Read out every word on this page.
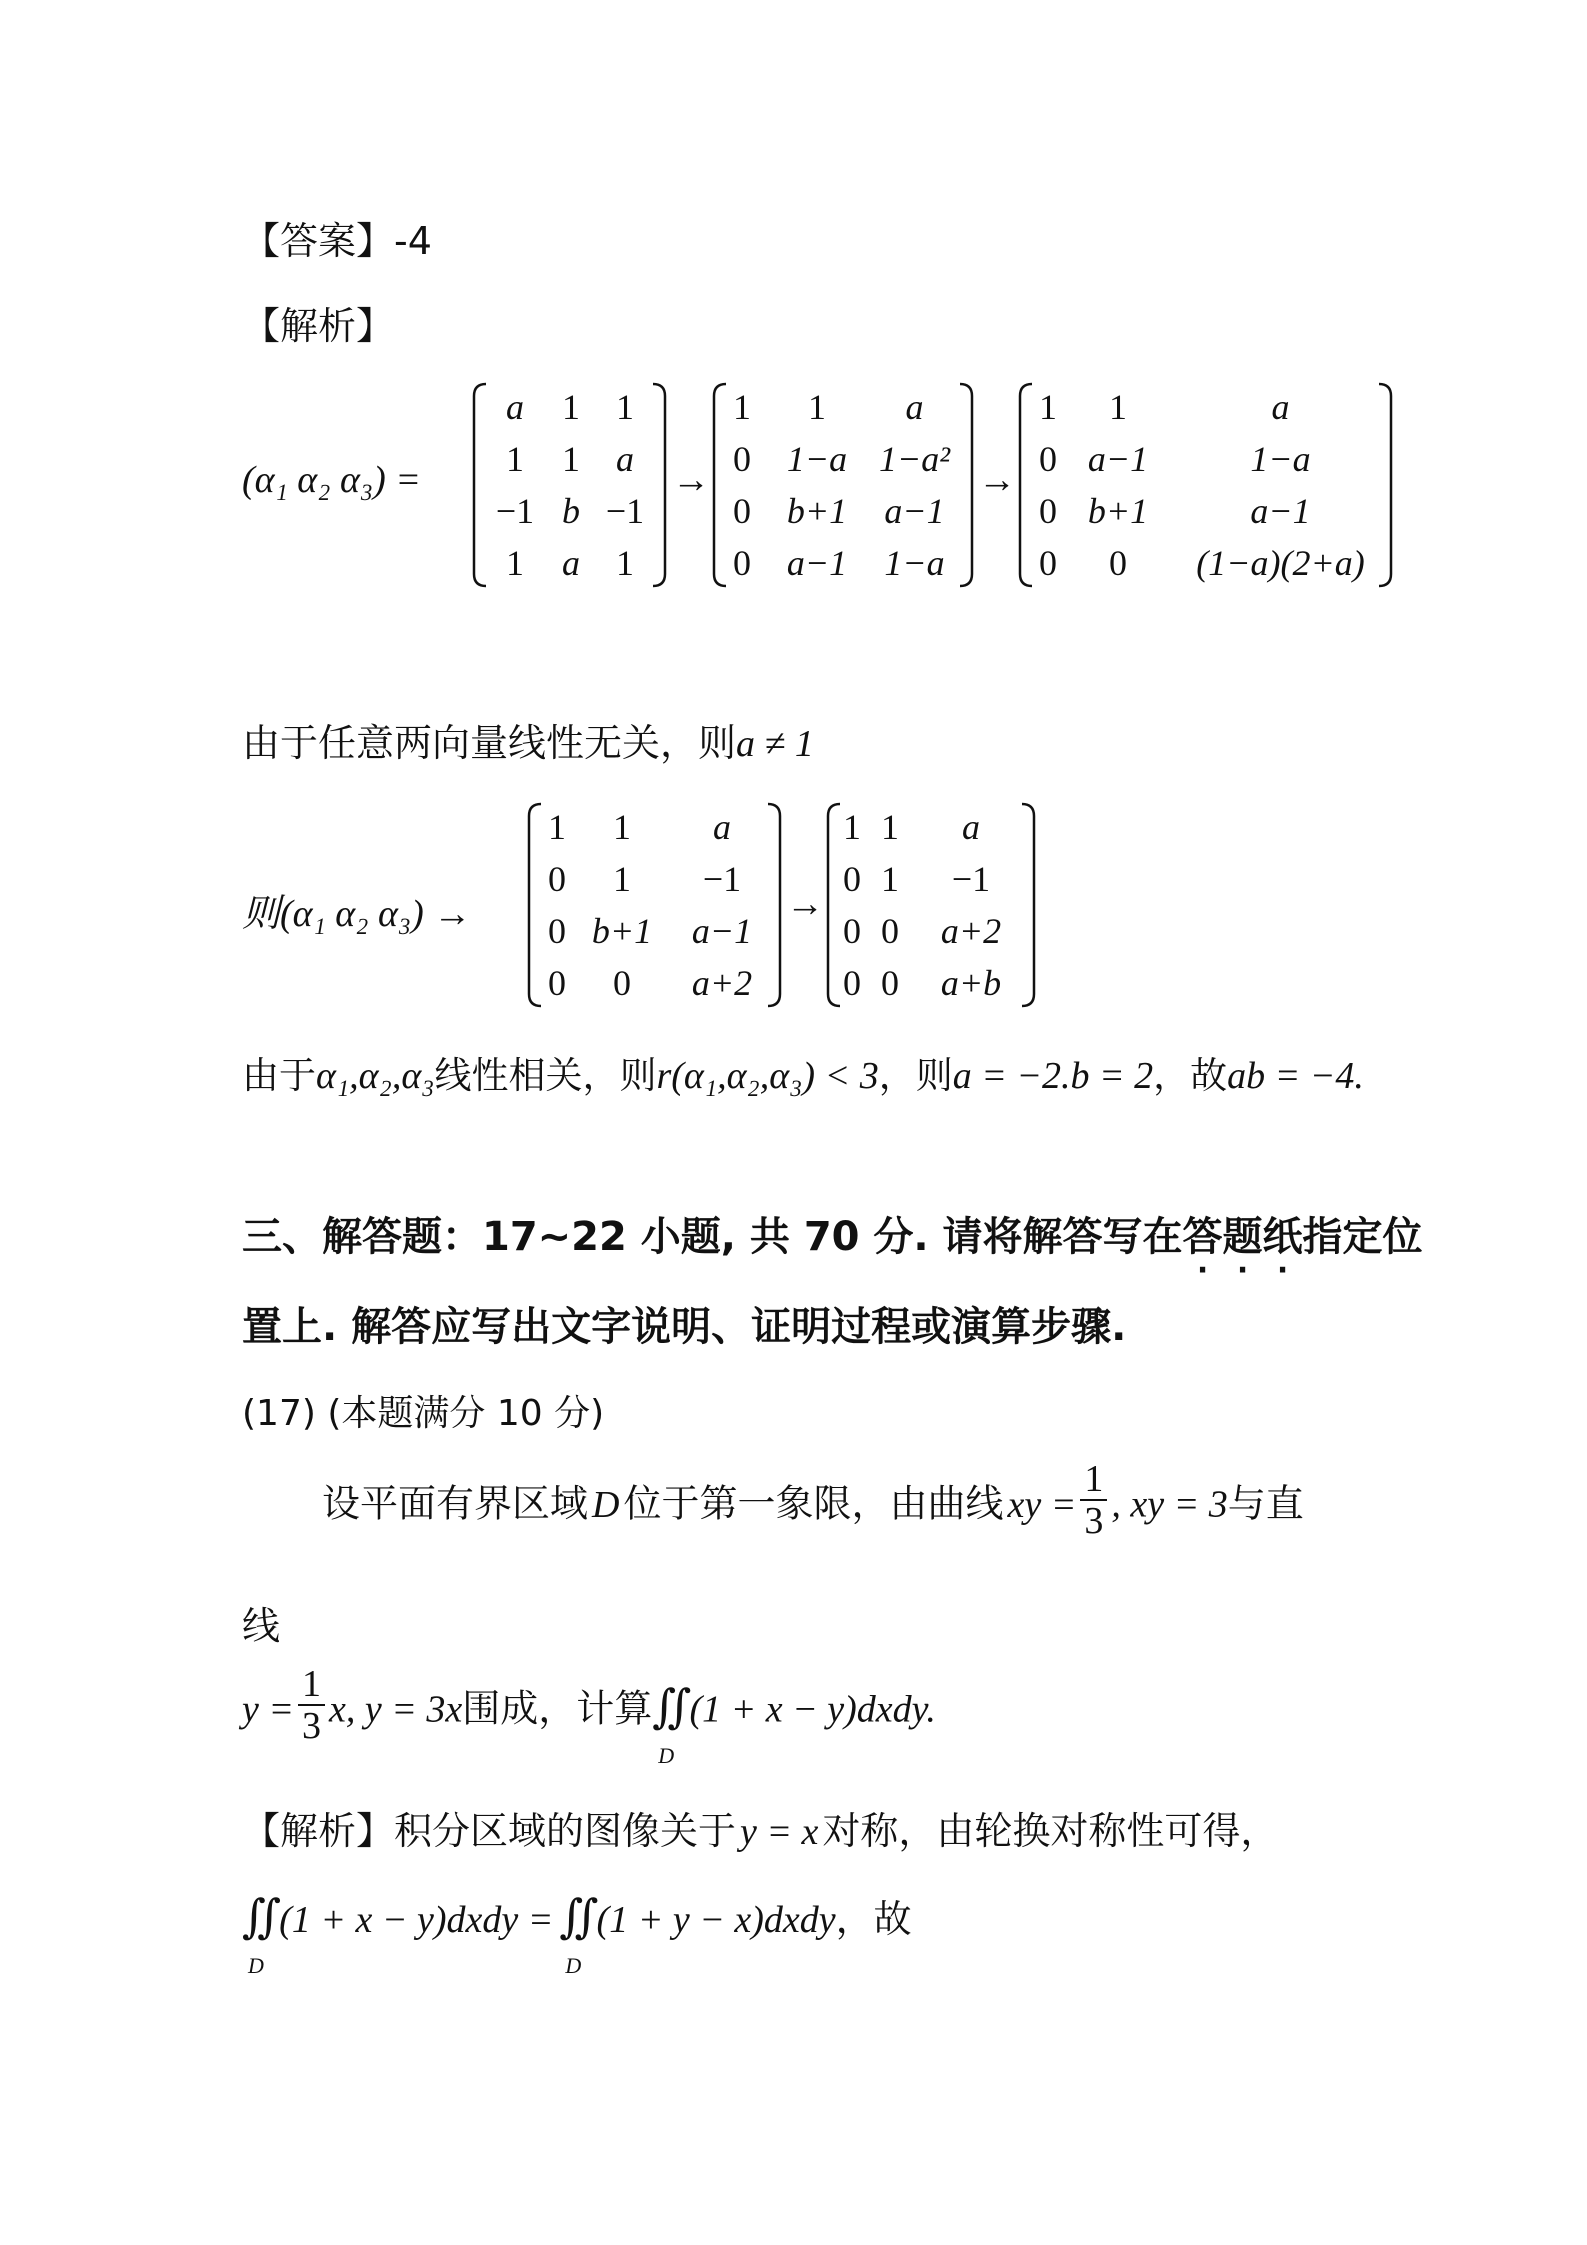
【答案】-4
【解析】
(α₁ α₂ α₃) =
a	1	1
1	1	a
−1 b −1
1	a	1
→
1	1	a
0 1−a 1−a²
0 b+1	a−1
0 a−1	1−a
→
1	1	a
0 a−1	1−a
0 b+1	a−1
0	0	(1−a)(2+a)
由于任意两向量线性无关，则a ≠ 1
则(α₁ α₂ α₃) →
1	1	a
0	1	−1
0 b+1	a−1
0	0	a+2
→
1 1	a
0 1	−1
0 0	a+2
0 0	a+b
由于α₁,α₂,α₃线性相关，则r(α₁,α₂,α₃) < 3，则a = −2.b = 2，故ab = −4.
三、解答题：17~22 小题, 共 70 分. 请将解答写在答题纸指定位
置上. 解答应写出文字说明、证明过程或演算步骤.
(17) (本题满分 10 分)
设平面有界区域 D 位于第一象限，由曲线 xy = $\frac{1}{3}$ , xy = 3与直
线
$y = \frac{1}{3} x$, y = 3x围成，计算∬
D
(1 + x − y)dxdy.
【解析】积分区域的图像关于 y = x 对称，由轮换对称性可得，
∬
D
(1 + x − y)dxdy = ∬
D
(1 + y − x)dxdy，故
